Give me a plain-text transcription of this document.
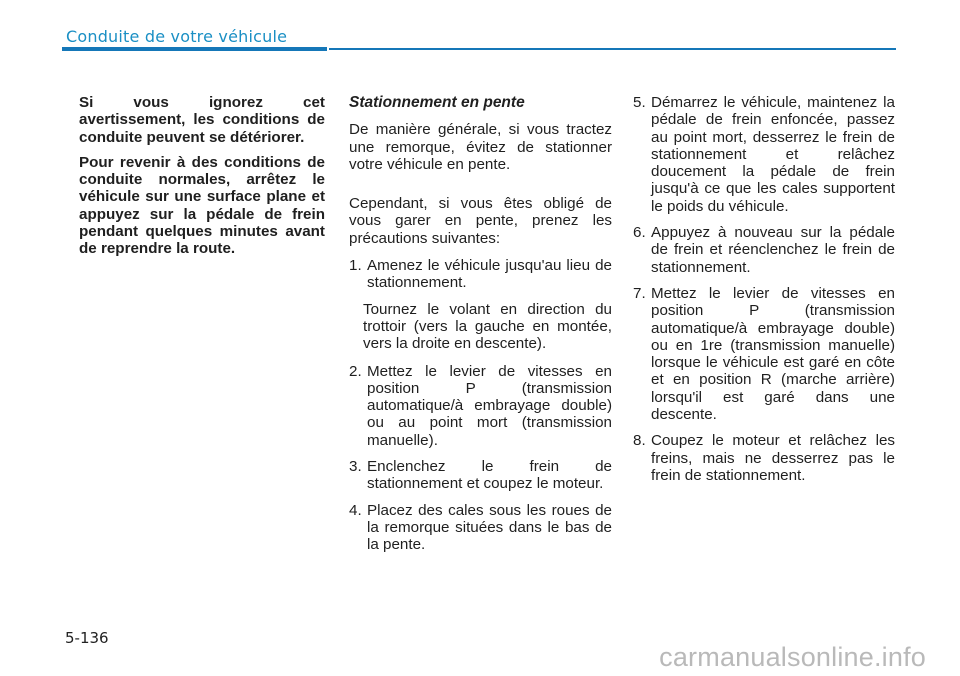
Conduite de votre véhicule

Si vous ignorez cet avertissement, les conditions de conduite peuvent se détériorer.

Pour revenir à des conditions de conduite normales, arrêtez le véhicule sur une surface plane et appuyez sur la pédale de frein pendant quelques minutes avant de reprendre la route.

Stationnement en pente

De manière générale, si vous tractez une remorque, évitez de stationner votre véhicule en pente.

Cependant, si vous êtes obligé de vous garer en pente, prenez les précautions suivantes:

1. Amenez le véhicule jusqu'au lieu de stationnement.

Tournez le volant en direction du trottoir (vers la gauche en montée, vers la droite en descente).

2. Mettez le levier de vitesses en position P (transmission automatique/à embrayage double) ou au point mort (transmission manuelle).
3. Enclenchez le frein de stationnement et coupez le moteur.
4. Placez des cales sous les roues de la remorque situées dans le bas de la pente.
5. Démarrez le véhicule, maintenez la pédale de frein enfoncée, passez au point mort, desserrez le frein de stationnement et relâchez doucement la pédale de frein jusqu'à ce que les cales supportent le poids du véhicule.
6. Appuyez à nouveau sur la pédale de frein et réenclenchez le frein de stationnement.
7. Mettez le levier de vitesses en position P (transmission automatique/à embrayage double) ou en 1re (transmission manuelle) lorsque le véhicule est garé en côte et en position R (marche arrière) lorsqu'il est garé dans une descente.
8. Coupez le moteur et relâchez les freins, mais ne desserrez pas le frein de stationnement.
5-136
carmanualsonline.info
